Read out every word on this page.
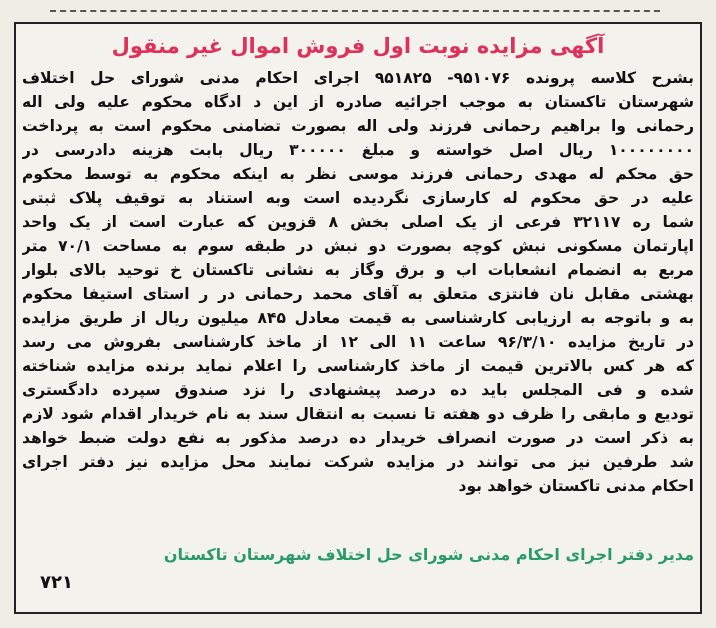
آگهی مزایده نوبت اول فروش اموال غیر منقول
بشرح کلاسه پرونده ۹۵۱۰۷۶- ۹۵۱۸۲۵ اجرای احکام مدنی شورای حل اختلاف
شهرستان تاکستان به موجب اجرائیه صادره از این د ادگاه محکوم علیه ولی اله
رحمانی وا براهیم رحمانی فرزند ولی اله بصورت تضامنی محکوم است به پرداخت
۱۰۰۰۰۰۰۰۰ ریال اصل خواسته و مبلغ ۳۰۰۰۰۰ ریال بابت هزینه دادرسی در
حق محکم له مهدی رحمانی فرزند موسی نظر به اینکه محکوم به توسط محکوم
علیه در حق محکوم له کارسازی نگردیده است وبه استناد به توقیف پلاک ثبتی
شما ره ۳۲۱۱۷ فرعی از یک اصلی بخش ۸ قزوین که عبارت است از یک واحد
اپارتمان مسکونی نبش کوچه بصورت دو نبش در طبقه سوم به مساحت ۷۰/۱ متر
مربع به انضمام انشعابات اب و برق وگاز به نشانی تاکستان خ توحید بالای بلوار
بهشتی مقابل نان فانتزی متعلق به آقای محمد رحمانی در ر استای استیفا محکوم
به و باتوجه به ارزیابی کارشناسی به قیمت معادل ۸۴۵ میلیون ریال از طریق مزایده
در تاریخ مزایده ۹۶/۳/۱۰ ساعت ۱۱ الی ۱۲ از ماخذ کارشناسی بفروش می رسد
که هر کس بالاترین قیمت از ماخذ کارشناسی را اعلام نماید برنده مزایده شناخته
شده و فی المجلس باید ده درصد پیشنهادی را نزد صندوق سپرده دادگستری
توديع و مابقی را ظرف دو هفته تا نسبت به انتقال سند به نام خریدار اقدام شود لازم
به ذکر است در صورت انصراف خریدار ده درصد مذکور به نفع دولت ضبط خواهد
شد طرفین نیز می توانند در مزایده شرکت نمایند محل مزایده نیز دفتر اجرای
احکام مدنی تاکستان خواهد بود
مدیر دفتر اجرای احکام مدنی شورای حل اختلاف شهرستان تاکستان
۷۲۱
